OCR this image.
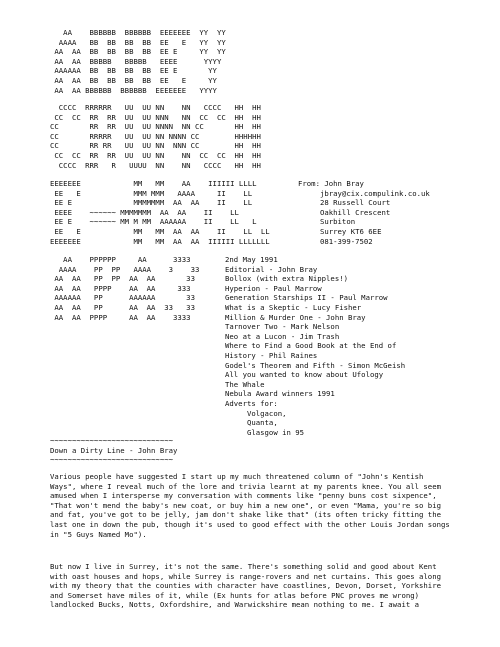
AA    BBBBBB  BBBBBB  EEEEEEE  YY  YY
AAAA   BB  BB  BB  BB  EE   E   YY  YY
AA  AA  BB  BB  BB  BB  EE E     YY  YY
AA  AA  BBBBB   BBBBB   EEEE      YYYY
AAAAAA  BB  BB  BB  BB  EE E       YY
AA  AA  BB  BB  BB  BB  EE   E     YY
AA  AA BBBBBB  BBBBBB  EEEEEEE   YYYY
CCCC  RRRRRR   UU  UU NN    NN   CCCC   HH  HH
CC  CC  RR  RR  UU  UU NNN   NN  CC  CC  HH  HH
CC       RR  RR  UU  UU NNNN  NN CC       HH  HH
CC       RRRRR   UU  UU NN NNNN CC        HHHHHH
CC       RR RR   UU  UU NN  NNN CC        HH  HH
CC  CC  RR  RR  UU  UU NN    NN  CC  CC  HH  HH
CCCC  RRR   R   UUUU  NN    NN   CCCC   HH  HH
EEEEEEE            MM   MM    AA    IIIIII LLLL
EE   E            MMM MMM   AAAA     II    LL
EE E              MMMMMMM  AA  AA    II    LL
EEEE    ~~~~~~ MMMMMMM  AA  AA    II    LL
EE E    ~~~~~~ MM M MM  AAAAAA    II    LL   L
EE   E            MM   MM  AA  AA    II    LL  LL
EEEEEEE            MM   MM  AA  AA  IIIIII LLLLLLL
From: John Bray
jbray@cix.compulink.co.uk
28 Russell Court
Oakhill Crescent
Surbiton
Surrey KT6 6EE
081-399-7502
AA    PPPPPP     AA      3333
AAAA    PP  PP   AAAA    3    33
AA  AA   PP  PP  AA  AA       33
AA  AA   PPPP    AA  AA     333
AAAAAA   PP      AAAAAA       33
AA  AA   PP      AA  AA  33   33
AA  AA  PPPP     AA  AA    3333
2nd May 1991
Editorial - John Bray
Bollox (with extra Nipples!)
Hyperion - Paul Marrow
Generation Starships II - Paul Marrow
What is a Skeptic - Lucy Fisher
Million & Murder One - John Bray
Tarnover Two - Mark Nelson
Neo at a Lucon - Jim Trash
Where to Find a Good Book at the End of
History - Phil Raines
Godel's Theorem and Fifth - Simon McGeish
All you wanted to know about Ufology
The Whale
Nebula Award winners 1991
Adverts for:
Volgacon,
Quanta,
Glasgow in 95
~~~~~~~~~~~~~~~~~~~~~~~~~~~~
Down a Dirty Line - John Bray
~~~~~~~~~~~~~~~~~~~~~~~~~~~~
Various people have suggested I start up my much threatened column of "John's Kentish Ways", where I reveal much of the lore and trivia learnt at my parents knee. You all seem amused when I intersperse my conversation with comments like "penny buns cost sixpence", "That won't mend the baby's new coat, or buy him a new one", or even "Mama, you're so big and fat, you've got to be jelly, jam don't shake like that" (its often tricky fitting the last one in down the pub, though it's used to good effect with the other Louis Jordan songs in "5 Guys Named Mo").
But now I live in Surrey, it's not the same. There's something solid and good about Kent with oast houses and hops, while Surrey is range-rovers and net curtains. This goes along with my theory that the counties with character have coastlines, Devon, Dorset, Yorkshire and Somerset have miles of it, while (Ex hunts for atlas before PNC proves me wrong) landlocked Bucks, Notts, Oxfordshire, and Warwickshire mean nothing to me. I await a
